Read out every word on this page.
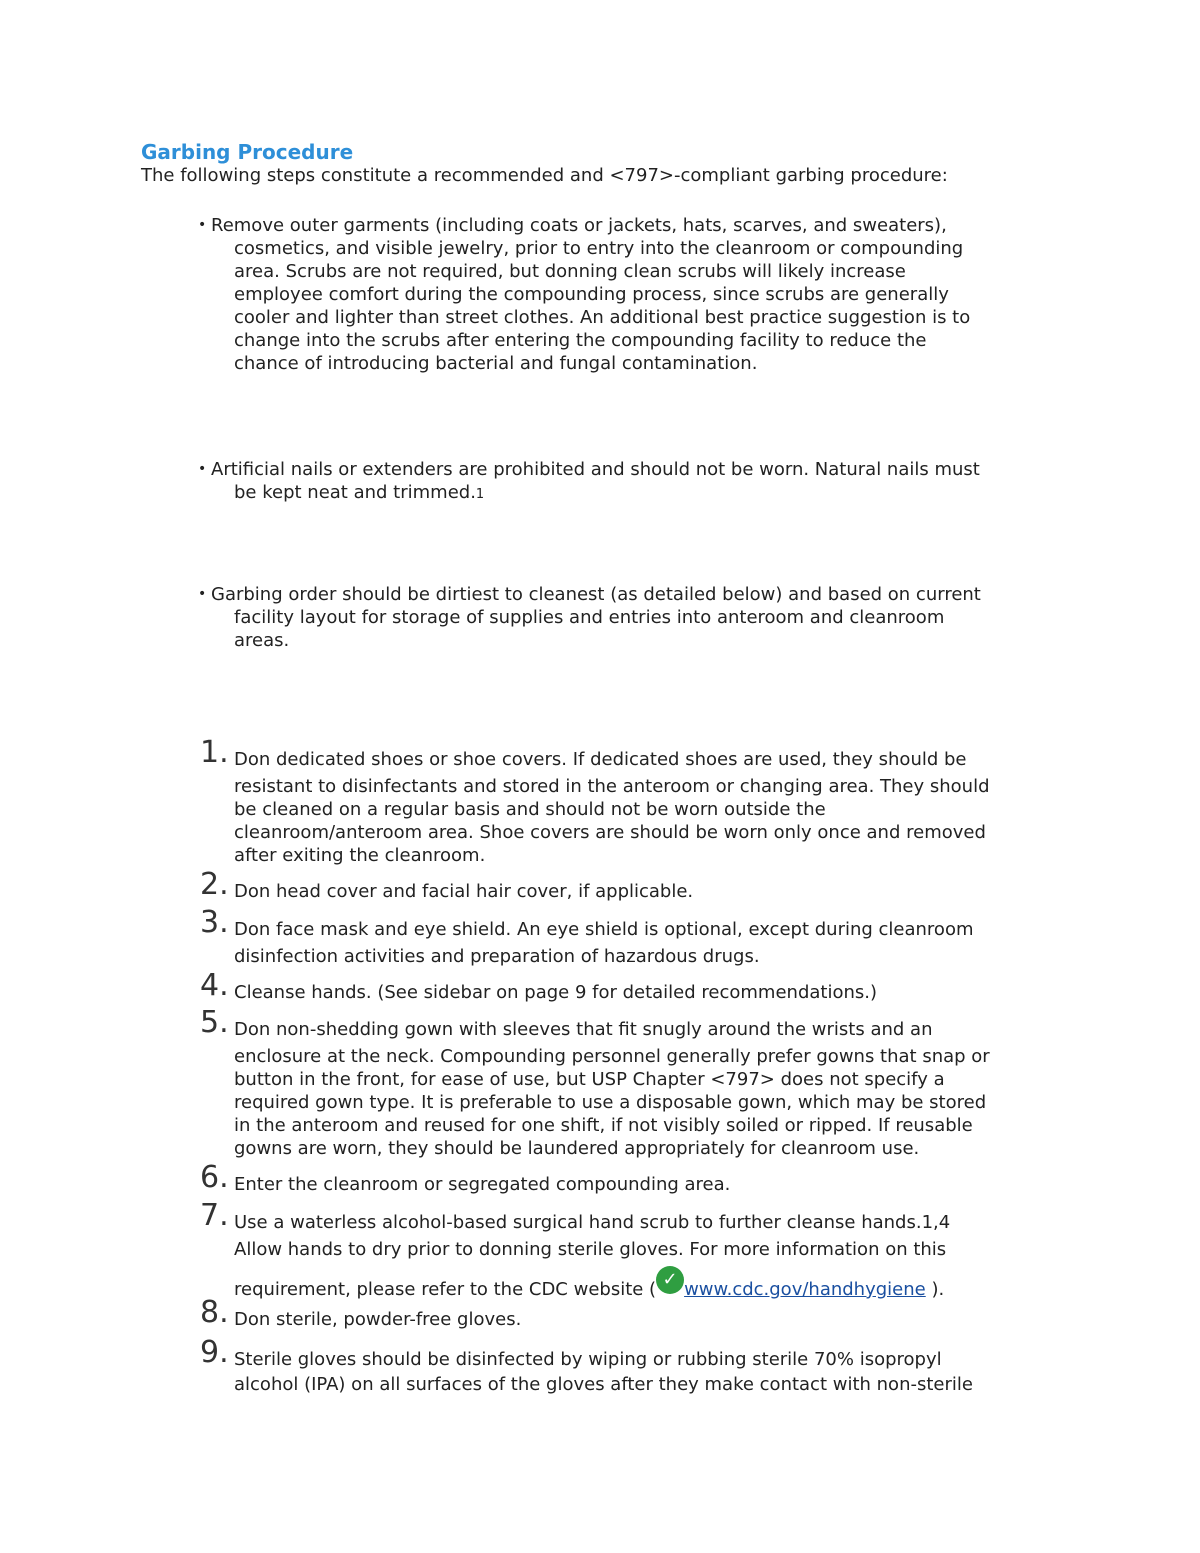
Garbing Procedure
The following steps constitute a recommended and <797>-compliant garbing procedure:
• Remove outer garments (including coats or jackets, hats, scarves, and sweaters),
cosmetics, and visible jewelry, prior to entry into the cleanroom or compounding
area. Scrubs are not required, but donning clean scrubs will likely increase
employee comfort during the compounding process, since scrubs are generally
cooler and lighter than street clothes. An additional best practice suggestion is to
change into the scrubs after entering the compounding facility to reduce the
chance of introducing bacterial and fungal contamination.
• Artificial nails or extenders are prohibited and should not be worn. Natural nails must
be kept neat and trimmed.1
• Garbing order should be dirtiest to cleanest (as detailed below) and based on current
facility layout for storage of supplies and entries into anteroom and cleanroom
areas.
1. Don dedicated shoes or shoe covers. If dedicated shoes are used, they should be
resistant to disinfectants and stored in the anteroom or changing area. They should
be cleaned on a regular basis and should not be worn outside the
cleanroom/anteroom area. Shoe covers are should be worn only once and removed
after exiting the cleanroom.
2. Don head cover and facial hair cover, if applicable.
3. Don face mask and eye shield. An eye shield is optional, except during cleanroom
disinfection activities and preparation of hazardous drugs.
4. Cleanse hands. (See sidebar on page 9 for detailed recommendations.)
5. Don non-shedding gown with sleeves that fit snugly around the wrists and an
enclosure at the neck. Compounding personnel generally prefer gowns that snap or
button in the front, for ease of use, but USP Chapter <797> does not specify a
required gown type. It is preferable to use a disposable gown, which may be stored
in the anteroom and reused for one shift, if not visibly soiled or ripped. If reusable
gowns are worn, they should be laundered appropriately for cleanroom use.
6. Enter the cleanroom or segregated compounding area.
7. Use a waterless alcohol-based surgical hand scrub to further cleanse hands.1,4
Allow hands to dry prior to donning sterile gloves. For more information on this
requirement, please refer to the CDC website ( ✓ www.cdc.gov/handhygiene ).
8. Don sterile, powder-free gloves.
9. Sterile gloves should be disinfected by wiping or rubbing sterile 70% isopropyl
alcohol (IPA) on all surfaces of the gloves after they make contact with non-sterile
